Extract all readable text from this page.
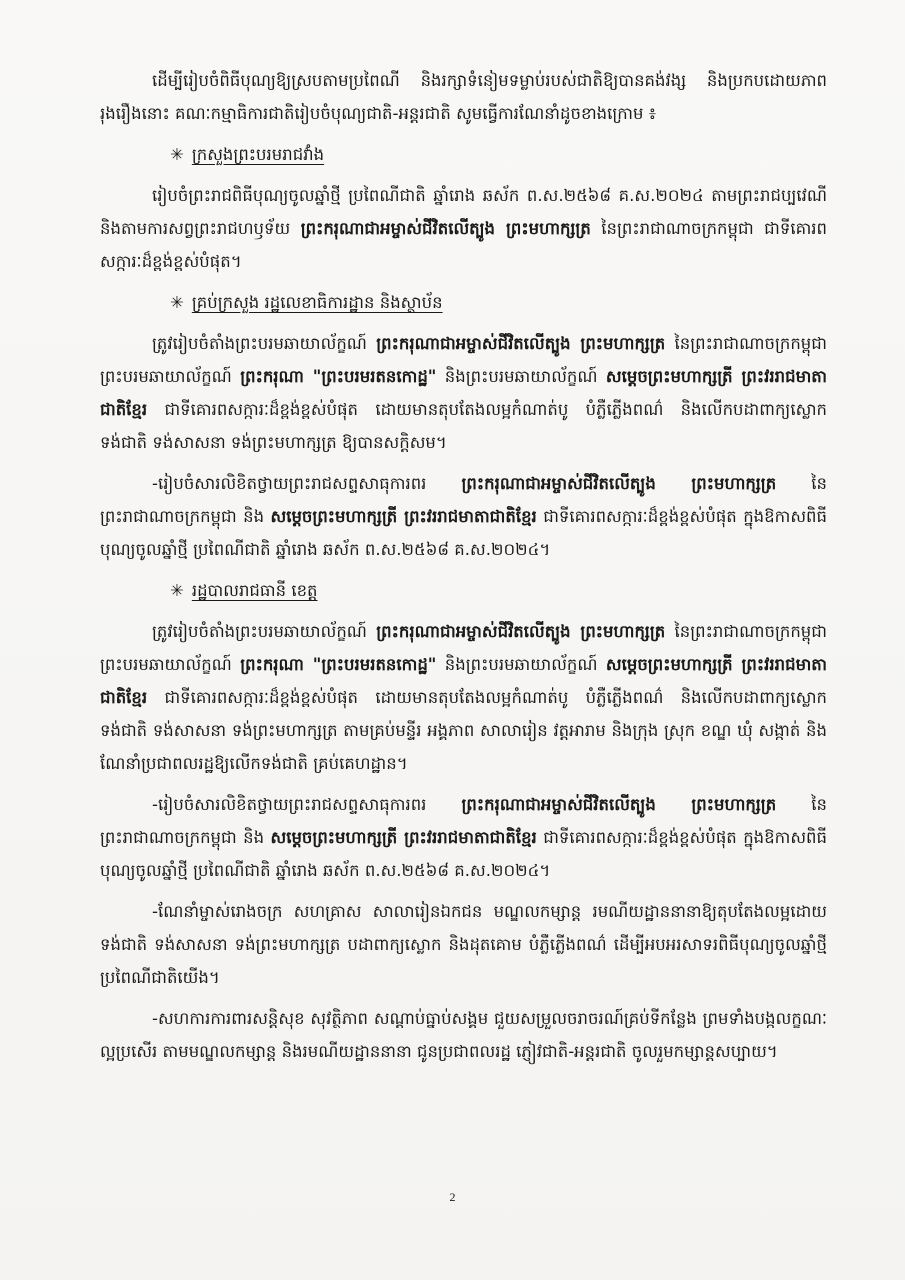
ដើម្បីរៀបចំពិធីបុណ្យឱ្យស្របតាមប្រពៃណី និងរក្សាទំនៀមទម្លាប់របស់ជាតិឱ្យបានគង់វង្ស និងប្រកបដោយភាពរុងរឿងនោះ គណៈកម្មាធិការជាតិរៀបចំបុណ្យជាតិ-អន្តរជាតិ សូមធ្វើការណែនាំដូចខាងក្រោម ៖

✳ ក្រសួងព្រះបរមរាជវាំង

រៀបចំព្រះរាជពិធីបុណ្យចូលឆ្នាំថ្មី ប្រពៃណីជាតិ ឆ្នាំរោង ឆស័ក ព.ស.២៥៦៨ គ.ស.២០២៤ តាមព្រះរាជប្បវេណី និងតាមការសព្វព្រះរាជហឫទ័យ ព្រះករុណាជាអម្ចាស់ជីវិតលើត្បូង ព្រះមហាក្សត្រ នៃព្រះរាជាណាចក្រកម្ពុជា ជាទីគោរពសក្ការៈដ៏ខ្ពង់ខ្ពស់បំផុត។

✳ គ្រប់ក្រសួង រដ្ឋលេខាធិការដ្ឋាន និងស្ថាប័ន

ត្រូវរៀបចំតាំងព្រះបរមឆាយាល័ក្ខណ៍ ព្រះករុណាជាអម្ចាស់ជីវិតលើត្បូង ព្រះមហាក្សត្រ នៃព្រះរាជាណាចក្រកម្ពុជា ព្រះបរមឆាយាល័ក្ខណ៍ ព្រះករុណា "ព្រះបរមរតនកោដ្ឋ" និងព្រះបរមឆាយាល័ក្ខណ៍ សម្តេចព្រះមហាក្សត្រី ព្រះវររាជមាតាជាតិខ្មែរ ជាទីគោរពសក្ការៈដ៏ខ្ពង់ខ្ពស់បំផុត ដោយមានតុបតែងលម្អកំណាត់បូ បំភ្លឺភ្លើងពណ៌ និងលើកបដាពាក្យស្លោក ទង់ជាតិ ទង់សាសនា ទង់ព្រះមហាក្សត្រ ឱ្យបានសក្តិសម។

-រៀបចំសារលិខិតថ្វាយព្រះរាជសព្ទសាធុការពរ ព្រះករុណាជាអម្ចាស់ជីវិតលើត្បូង ព្រះមហាក្សត្រ នៃព្រះរាជាណាចក្រកម្ពុជា និង សម្តេចព្រះមហាក្សត្រី ព្រះវររាជមាតាជាតិខ្មែរ ជាទីគោរពសក្ការៈដ៏ខ្ពង់ខ្ពស់បំផុត ក្នុងឱកាសពិធីបុណ្យចូលឆ្នាំថ្មី ប្រពៃណីជាតិ ឆ្នាំរោង ឆស័ក ព.ស.២៥៦៨ គ.ស.២០២៤។

✳ រដ្ឋបាលរាជធានី ខេត្ត

ត្រូវរៀបចំតាំងព្រះបរមឆាយាល័ក្ខណ៍ ព្រះករុណាជាអម្ចាស់ជីវិតលើត្បូង ព្រះមហាក្សត្រ នៃព្រះរាជាណាចក្រកម្ពុជា ព្រះបរមឆាយាល័ក្ខណ៍ ព្រះករុណា "ព្រះបរមរតនកោដ្ឋ" និងព្រះបរមឆាយាល័ក្ខណ៍ សម្តេចព្រះមហាក្សត្រី ព្រះវររាជមាតាជាតិខ្មែរ ជាទីគោរពសក្ការៈដ៏ខ្ពង់ខ្ពស់បំផុត ដោយមានតុបតែងលម្អកំណាត់បូ បំភ្លឺភ្លើងពណ៌ និងលើកបដាពាក្យស្លោក ទង់ជាតិ ទង់សាសនា ទង់ព្រះមហាក្សត្រ តាមគ្រប់មន្ទីរ អង្គភាព សាលារៀន វត្តអារាម និងក្រុង ស្រុក ខណ្ឌ ឃុំ សង្កាត់ និងណែនាំប្រជាពលរដ្ឋឱ្យលើកទង់ជាតិ គ្រប់គេហដ្ឋាន។

-រៀបចំសារលិខិតថ្វាយព្រះរាជសព្ទសាធុការពរ ព្រះករុណាជាអម្ចាស់ជីវិតលើត្បូង ព្រះមហាក្សត្រ នៃព្រះរាជាណាចក្រកម្ពុជា និង សម្តេចព្រះមហាក្សត្រី ព្រះវររាជមាតាជាតិខ្មែរ ជាទីគោរពសក្ការៈដ៏ខ្ពង់ខ្ពស់បំផុត ក្នុងឱកាសពិធីបុណ្យចូលឆ្នាំថ្មី ប្រពៃណីជាតិ ឆ្នាំរោង ឆស័ក ព.ស.២៥៦៨ គ.ស.២០២៤។

-ណែនាំម្ចាស់រោងចក្រ សហគ្រាស សាលារៀនឯកជន មណ្ឌលកម្សាន្ត រមណីយដ្ឋាននានាឱ្យតុបតែងលម្អដោយទង់ជាតិ ទង់សាសនា ទង់ព្រះមហាក្សត្រ បដាពាក្យស្លោក និងដុតគោម បំភ្លឺភ្លើងពណ៌ ដើម្បីអបអរសាទរពិធីបុណ្យចូលឆ្នាំថ្មី ប្រពៃណីជាតិយើង។

-សហការការពារសន្តិសុខ សុវត្ថិភាព សណ្តាប់ធ្នាប់សង្គម ជួយសម្រួលចរាចរណ៍គ្រប់ទីកន្លែង ព្រមទាំងបង្កលក្ខណៈល្អប្រសើរ តាមមណ្ឌលកម្សាន្ត និងរមណីយដ្ឋាននានា ជូនប្រជាពលរដ្ឋ ភ្ញៀវជាតិ-អន្តរជាតិ ចូលរួមកម្សាន្តសប្បាយ។

2
